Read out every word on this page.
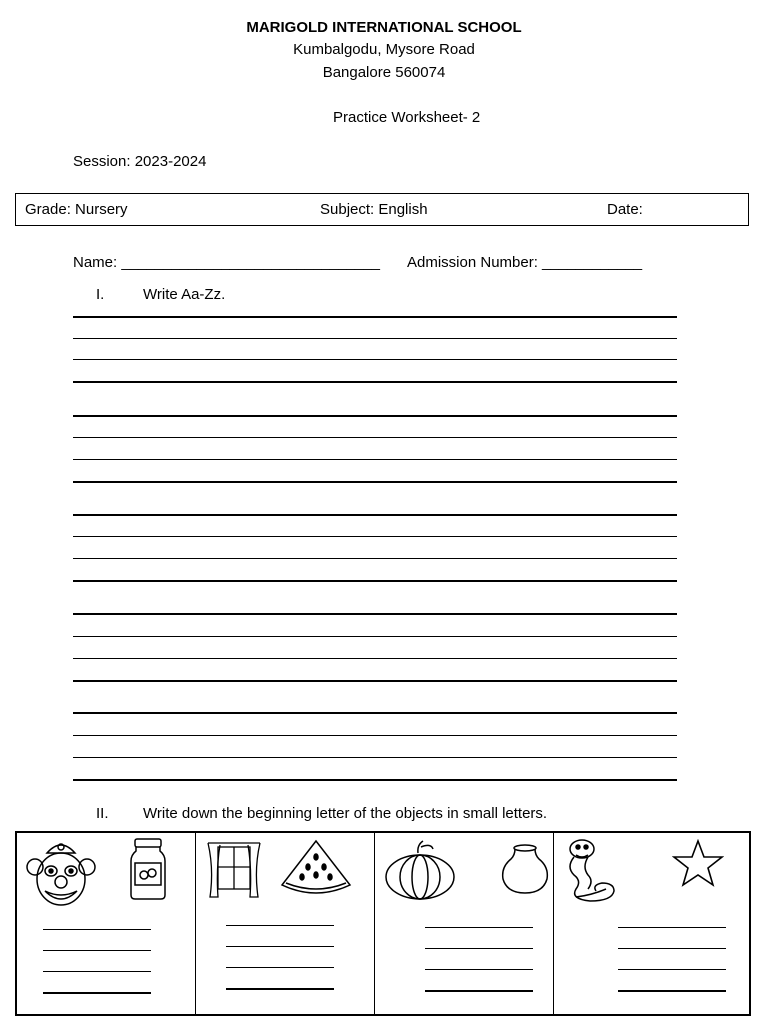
MARIGOLD INTERNATIONAL SCHOOL
Kumbalgodu, Mysore Road
Bangalore 560074
Practice Worksheet- 2
Session: 2023-2024
Grade: Nursery	Subject: English	Date:
Name: _______________________________ Admission Number: ____________
I.	Write Aa-Zz.
II. Write down the beginning letter of the objects in small letters.
